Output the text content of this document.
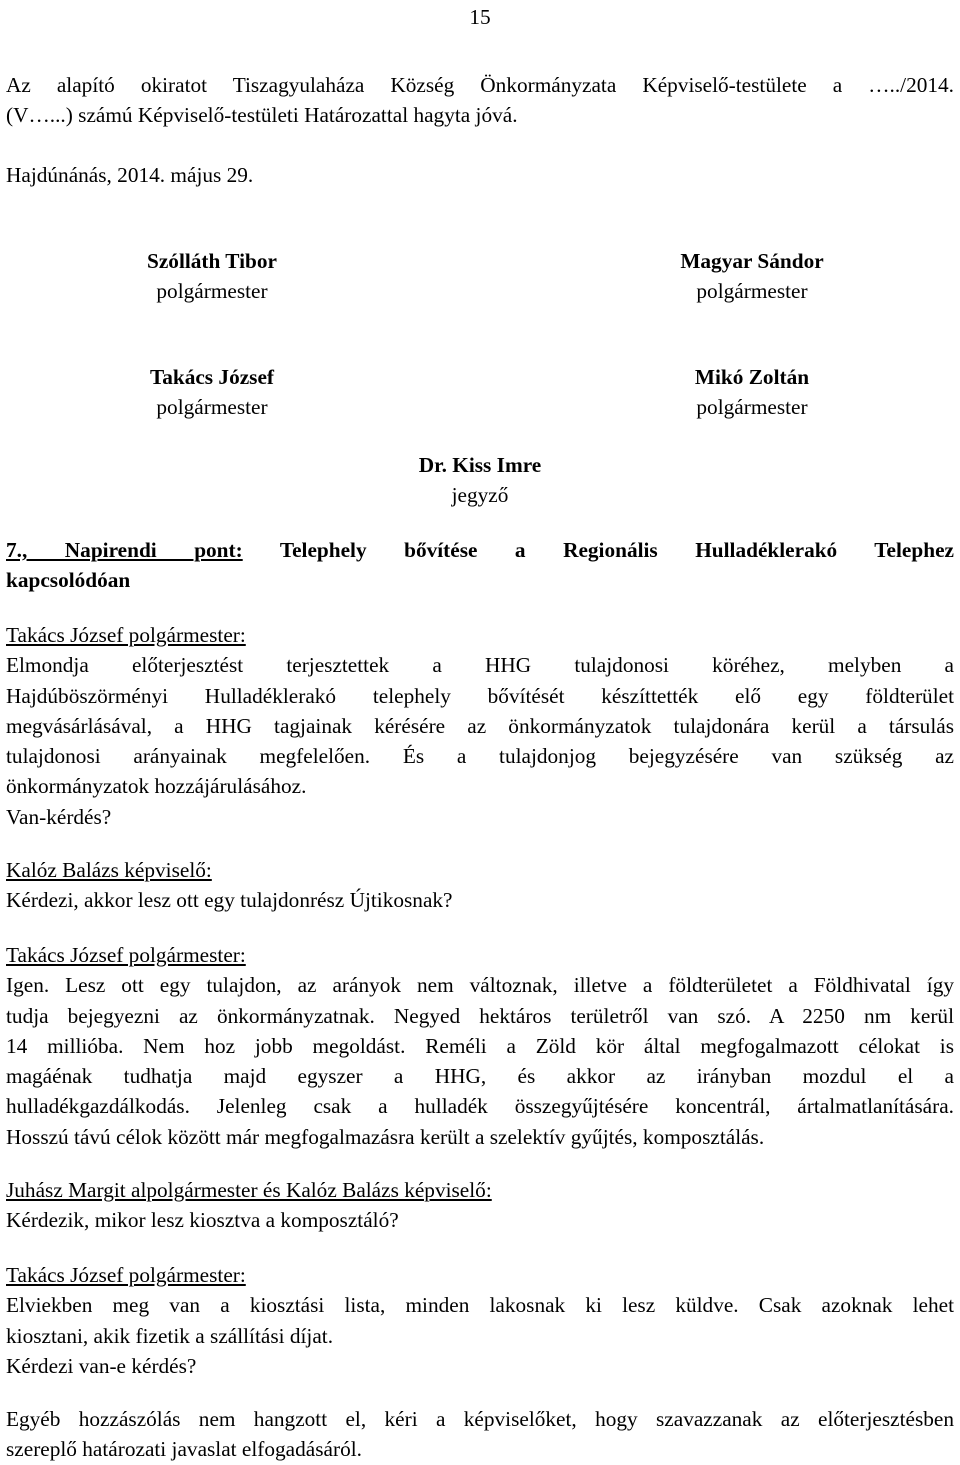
15
Az alapító okiratot Tiszagyulaháza Község Önkormányzata Képviselő-testülete a …../2014.
(V…...) számú Képviselő-testületi Határozattal hagyta jóvá.
Hajdúnánás, 2014. május 29.
Szólláth Tibor
polgármester
Magyar Sándor
polgármester
Takács József
polgármester
Mikó Zoltán
polgármester
Dr. Kiss Imre
jegyző
7., Napirendi pont: Telephely bővítése a Regionális Hulladéklerakó Telephez
kapcsolódóan
Takács József polgármester:
Elmondja előterjesztést terjesztettek a HHG tulajdonosi köréhez, melyben a
Hajdúböszörményi Hulladéklerakó telephely bővítését készíttették elő egy földterület
megvásárlásával, a HHG tagjainak kérésére az önkormányzatok tulajdonára kerül a társulás
tulajdonosi arányainak megfelelően. És a tulajdonjog bejegyzésére van szükség az
önkormányzatok hozzájárulásához.
Van-kérdés?
Kalóz Balázs képviselő:
Kérdezi, akkor lesz ott egy tulajdonrész Újtikosnak?
Takács József polgármester:
Igen. Lesz ott egy tulajdon, az arányok nem változnak, illetve a földterületet a Földhivatal így
tudja bejegyezni az önkormányzatnak. Negyed hektáros területről van szó. A 2250 nm kerül
14 millióba. Nem hoz jobb megoldást. Reméli a Zöld kör által megfogalmazott célokat is
magáénak tudhatja majd egyszer a HHG, és akkor az irányban mozdul el a
hulladékgazdálkodás. Jelenleg csak a hulladék összegyűjtésére koncentrál, ártalmatlanítására.
Hosszú távú célok között már megfogalmazásra került a szelektív gyűjtés, komposztálás.
Juhász Margit alpolgármester és Kalóz Balázs képviselő:
Kérdezik, mikor lesz kiosztva a komposztáló?
Takács József polgármester:
Elviekben meg van a kiosztási lista, minden lakosnak ki lesz küldve. Csak azoknak lehet
kiosztani, akik fizetik a szállítási díjat.
Kérdezi van-e kérdés?
Egyéb hozzászólás nem hangzott el, kéri a képviselőket, hogy szavazzanak az előterjesztésben
szereplő határozati javaslat elfogadásáról.
